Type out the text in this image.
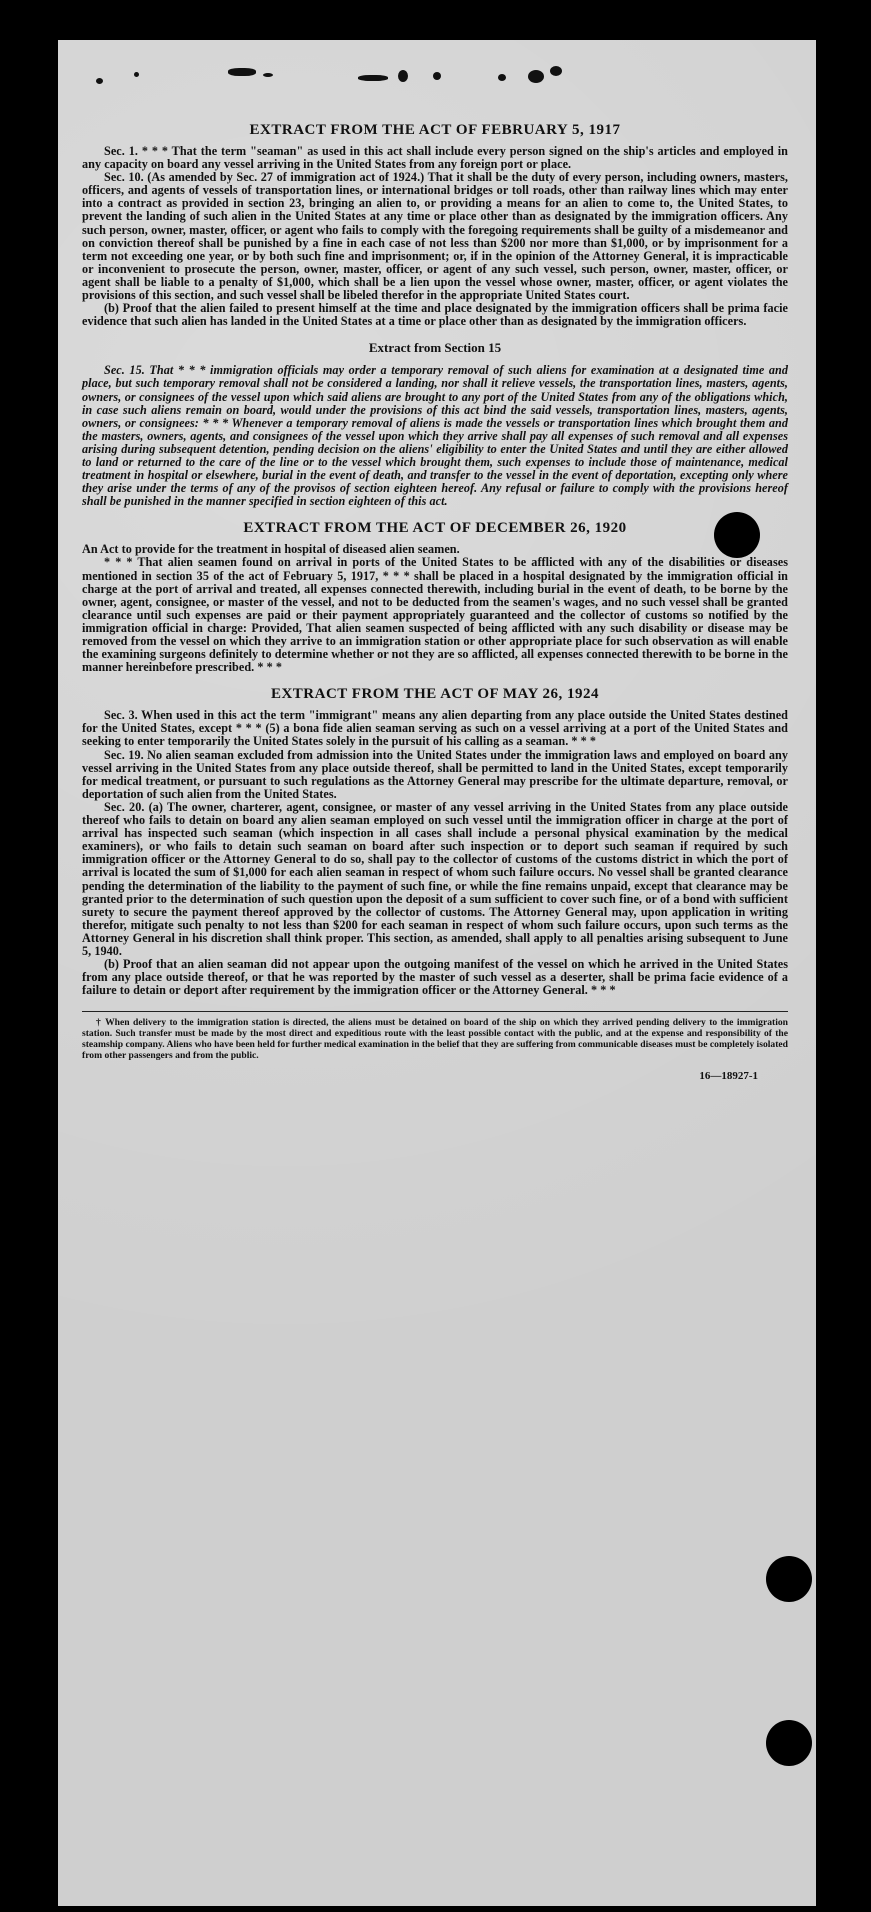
EXTRACT FROM THE ACT OF FEBRUARY 5, 1917

Sec. 1. * * * That the term "seaman" as used in this act shall include every person signed on the ship's articles and employed in any capacity on board any vessel arriving in the United States from any foreign port or place.

Sec. 10. (As amended by Sec. 27 of immigration act of 1924.) That it shall be the duty of every person, including owners, masters, officers, and agents of vessels of transportation lines, or international bridges or toll roads, other than railway lines which may enter into a contract as provided in section 23, bringing an alien to, or providing a means for an alien to come to, the United States, to prevent the landing of such alien in the United States at any time or place other than as designated by the immigration officers. Any such person, owner, master, officer, or agent who fails to comply with the foregoing requirements shall be guilty of a misdemeanor and on conviction thereof shall be punished by a fine in each case of not less than $200 nor more than $1,000, or by imprisonment for a term not exceeding one year, or by both such fine and imprisonment; or, if in the opinion of the Attorney General, it is impracticable or inconvenient to prosecute the person, owner, master, officer, or agent of any such vessel, such person, owner, master, officer, or agent shall be liable to a penalty of $1,000, which shall be a lien upon the vessel whose owner, master, officer, or agent violates the provisions of this section, and such vessel shall be libeled therefor in the appropriate United States court.

(b) Proof that the alien failed to present himself at the time and place designated by the immigration officers shall be prima facie evidence that such alien has landed in the United States at a time or place other than as designated by the immigration officers.

Extract from Section 15

Sec. 15. That * * * immigration officials may order a temporary removal of such aliens for examination at a designated time and place, but such temporary removal shall not be considered a landing, nor shall it relieve vessels, the transportation lines, masters, agents, owners, or consignees of the vessel upon which said aliens are brought to any port of the United States from any of the obligations which, in case such aliens remain on board, would under the provisions of this act bind the said vessels, transportation lines, masters, agents, owners, or consignees: * * * Whenever a temporary removal of aliens is made the vessels or transportation lines which brought them and the masters, owners, agents, and consignees of the vessel upon which they arrive shall pay all expenses of such removal and all expenses arising during subsequent detention, pending decision on the aliens' eligibility to enter the United States and until they are either allowed to land or returned to the care of the line or to the vessel which brought them, such expenses to include those of maintenance, medical treatment in hospital or elsewhere, burial in the event of death, and transfer to the vessel in the event of deportation, excepting only where they arise under the terms of any of the provisos of section eighteen hereof. Any refusal or failure to comply with the provisions hereof shall be punished in the manner specified in section eighteen of this act.

EXTRACT FROM THE ACT OF DECEMBER 26, 1920

An Act to provide for the treatment in hospital of diseased alien seamen.

* * * That alien seamen found on arrival in ports of the United States to be afflicted with any of the disabilities or diseases mentioned in section 35 of the act of February 5, 1917, * * * shall be placed in a hospital designated by the immigration official in charge at the port of arrival and treated, all expenses connected therewith, including burial in the event of death, to be borne by the owner, agent, consignee, or master of the vessel, and not to be deducted from the seamen's wages, and no such vessel shall be granted clearance until such expenses are paid or their payment appropriately guaranteed and the collector of customs so notified by the immigration official in charge: Provided, That alien seamen suspected of being afflicted with any such disability or disease may be removed from the vessel on which they arrive to an immigration station or other appropriate place for such observation as will enable the examining surgeons definitely to determine whether or not they are so afflicted, all expenses connected therewith to be borne in the manner hereinbefore prescribed. * * *

EXTRACT FROM THE ACT OF MAY 26, 1924

Sec. 3. When used in this act the term "immigrant" means any alien departing from any place outside the United States destined for the United States, except * * * (5) a bona fide alien seaman serving as such on a vessel arriving at a port of the United States and seeking to enter temporarily the United States solely in the pursuit of his calling as a seaman. * * *

Sec. 19. No alien seaman excluded from admission into the United States under the immigration laws and employed on board any vessel arriving in the United States from any place outside thereof, shall be permitted to land in the United States, except temporarily for medical treatment, or pursuant to such regulations as the Attorney General may prescribe for the ultimate departure, removal, or deportation of such alien from the United States.

Sec. 20. (a) The owner, charterer, agent, consignee, or master of any vessel arriving in the United States from any place outside thereof who fails to detain on board any alien seaman employed on such vessel until the immigration officer in charge at the port of arrival has inspected such seaman (which inspection in all cases shall include a personal physical examination by the medical examiners), or who fails to detain such seaman on board after such inspection or to deport such seaman if required by such immigration officer or the Attorney General to do so, shall pay to the collector of customs of the customs district in which the port of arrival is located the sum of $1,000 for each alien seaman in respect of whom such failure occurs. No vessel shall be granted clearance pending the determination of the liability to the payment of such fine, or while the fine remains unpaid, except that clearance may be granted prior to the determination of such question upon the deposit of a sum sufficient to cover such fine, or of a bond with sufficient surety to secure the payment thereof approved by the collector of customs. The Attorney General may, upon application in writing therefor, mitigate such penalty to not less than $200 for each seaman in respect of whom such failure occurs, upon such terms as the Attorney General in his discretion shall think proper. This section, as amended, shall apply to all penalties arising subsequent to June 5, 1940.

(b) Proof that an alien seaman did not appear upon the outgoing manifest of the vessel on which he arrived in the United States from any place outside thereof, or that he was reported by the master of such vessel as a deserter, shall be prima facie evidence of a failure to detain or deport after requirement by the immigration officer or the Attorney General. * * *

† When delivery to the immigration station is directed, the aliens must be detained on board of the ship on which they arrived pending delivery to the immigration station. Such transfer must be made by the most direct and expeditious route with the least possible contact with the public, and at the expense and responsibility of the steamship company. Aliens who have been held for further medical examination in the belief that they are suffering from communicable diseases must be completely isolated from other passengers and from the public.
16—18927-1
